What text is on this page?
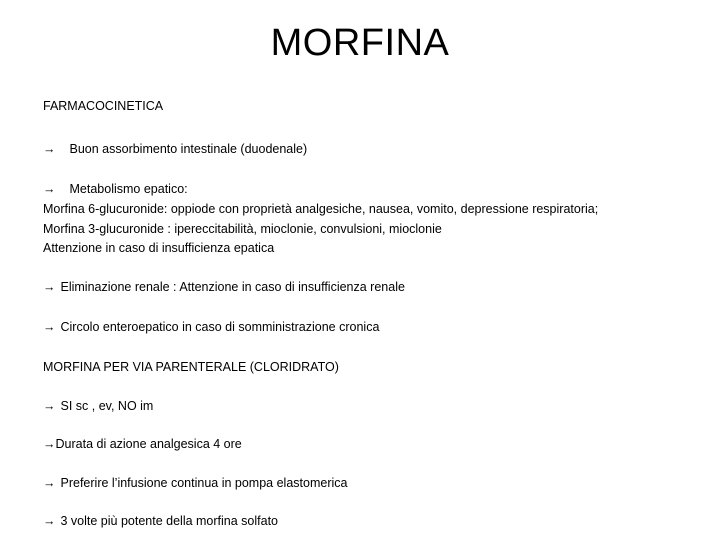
MORFINA
FARMACOCINETICA
→ Buon assorbimento intestinale (duodenale)
→ Metabolismo epatico:
Morfina 6-glucuronide: oppiode con proprietà analgesiche, nausea, vomito, depressione respiratoria;
Morfina 3-glucuronide : ipereccitabilità, mioclonie, convulsioni, mioclonie
Attenzione in caso di insufficienza epatica
→ Eliminazione renale : Attenzione in caso di insufficienza renale
→ Circolo enteroepatico in caso di somministrazione cronica
MORFINA PER VIA PARENTERALE (CLORIDRATO)
→ SI sc , ev, NO im
→Durata di azione analgesica 4 ore
→ Preferire l’infusione continua in pompa elastomerica
→ 3 volte più potente della morfina solfato
